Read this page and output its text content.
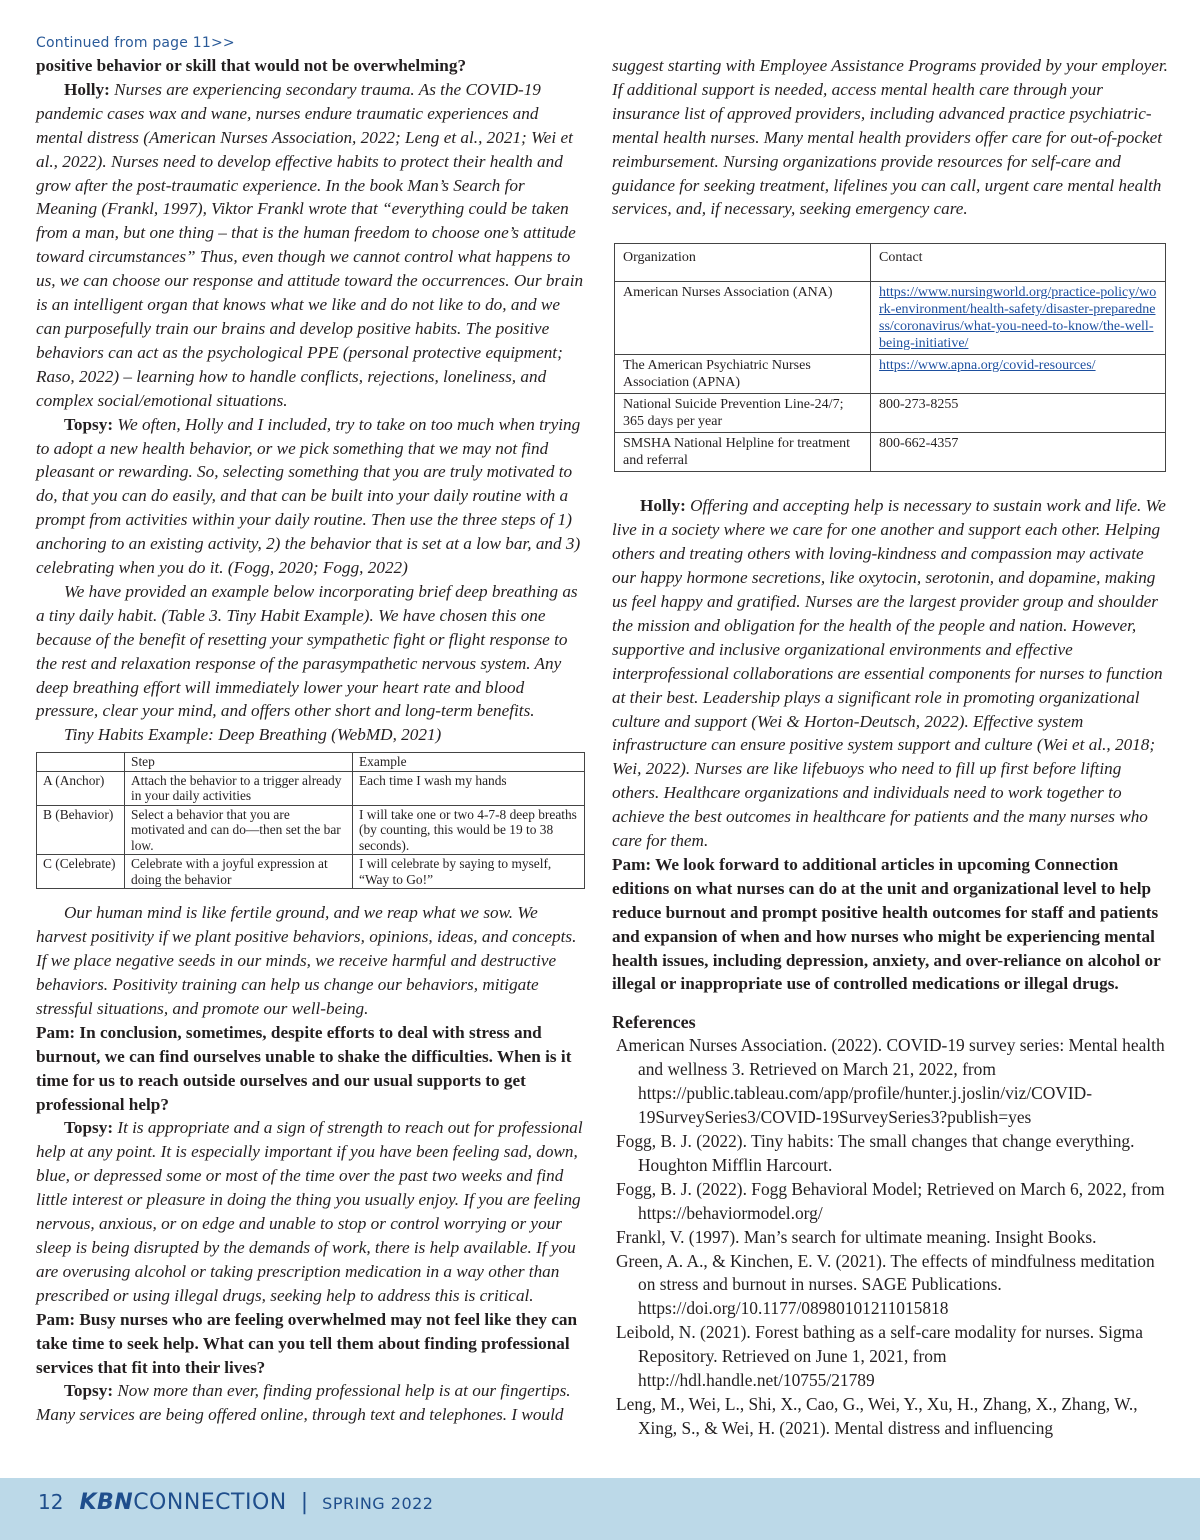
Continued from page 11>>

positive behavior or skill that would not be overwhelming?

Holly: Nurses are experiencing secondary trauma. As the COVID-19 pandemic cases wax and wane, nurses endure traumatic experiences and mental distress (American Nurses Association, 2022; Leng et al., 2021; Wei et al., 2022). Nurses need to develop effective habits to protect their health and grow after the post-traumatic experience. In the book Man’s Search for Meaning (Frankl, 1997), Viktor Frankl wrote that “everything could be taken from a man, but one thing – that is the human freedom to choose one’s attitude toward circumstances” Thus, even though we cannot control what happens to us, we can choose our response and attitude toward the occurrences. Our brain is an intelligent organ that knows what we like and do not like to do, and we can purposefully train our brains and develop positive habits. The positive behaviors can act as the psychological PPE (personal protective equipment; Raso, 2022) – learning how to handle conflicts, rejections, loneliness, and complex social/emotional situations.

Topsy: We often, Holly and I included, try to take on too much when trying to adopt a new health behavior, or we pick something that we may not find pleasant or rewarding. So, selecting something that you are truly motivated to do, that you can do easily, and that can be built into your daily routine with a prompt from activities within your daily routine. Then use the three steps of 1) anchoring to an existing activity, 2) the behavior that is set at a low bar, and 3) celebrating when you do it. (Fogg, 2020; Fogg, 2022)

We have provided an example below incorporating brief deep breathing as a tiny daily habit. (Table 3. Tiny Habit Example). We have chosen this one because of the benefit of resetting your sympathetic fight or flight response to the rest and relaxation response of the parasympathetic nervous system. Any deep breathing effort will immediately lower your heart rate and blood pressure, clear your mind, and offers other short and long-term benefits.

Tiny Habits Example: Deep Breathing (WebMD, 2021)

	Step	Example
A (Anchor)	Attach the behavior to a trigger already in your daily activities	Each time I wash my hands
B (Behavior)	Select a behavior that you are motivated and can do—then set the bar low.	I will take one or two 4-7-8 deep breaths (by counting, this would be 19 to 38 seconds).
C (Celebrate)	Celebrate with a joyful expression at doing the behavior	I will celebrate by saying to myself, “Way to Go!”

Our human mind is like fertile ground, and we reap what we sow. We harvest positivity if we plant positive behaviors, opinions, ideas, and concepts. If we place negative seeds in our minds, we receive harmful and destructive behaviors. Positivity training can help us change our behaviors, mitigate stressful situations, and promote our well-being.

Pam: In conclusion, sometimes, despite efforts to deal with stress and burnout, we can find ourselves unable to shake the difficulties. When is it time for us to reach outside ourselves and our usual supports to get professional help?

Topsy: It is appropriate and a sign of strength to reach out for professional help at any point. It is especially important if you have been feeling sad, down, blue, or depressed some or most of the time over the past two weeks and find little interest or pleasure in doing the thing you usually enjoy. If you are feeling nervous, anxious, or on edge and unable to stop or control worrying or your sleep is being disrupted by the demands of work, there is help available. If you are overusing alcohol or taking prescription medication in a way other than prescribed or using illegal drugs, seeking help to address this is critical.

Pam: Busy nurses who are feeling overwhelmed may not feel like they can take time to seek help. What can you tell them about finding professional services that fit into their lives?

Topsy: Now more than ever, finding professional help is at our fingertips. Many services are being offered online, through text and telephones. I would

suggest starting with Employee Assistance Programs provided by your employer. If additional support is needed, access mental health care through your insurance list of approved providers, including advanced practice psychiatric-mental health nurses. Many mental health providers offer care for out-of-pocket reimbursement. Nursing organizations provide resources for self-care and guidance for seeking treatment, lifelines you can call, urgent care mental health services, and, if necessary, seeking emergency care.

Organization	Contact
American Nurses Association (ANA)	https://www.nursingworld.org/practice-policy/work-environment/health-safety/disaster-preparedness/coronavirus/what-you-need-to-know/the-well-being-initiative/
The American Psychiatric Nurses Association (APNA)	https://www.apna.org/covid-resources/
National Suicide Prevention Line-24/7; 365 days per year	800-273-8255
SMSHA National Helpline for treatment and referral	800-662-4357

Holly: Offering and accepting help is necessary to sustain work and life. We live in a society where we care for one another and support each other. Helping others and treating others with loving-kindness and compassion may activate our happy hormone secretions, like oxytocin, serotonin, and dopamine, making us feel happy and gratified. Nurses are the largest provider group and shoulder the mission and obligation for the health of the people and nation. However, supportive and inclusive organizational environments and effective interprofessional collaborations are essential components for nurses to function at their best. Leadership plays a significant role in promoting organizational culture and support (Wei & Horton-Deutsch, 2022). Effective system infrastructure can ensure positive system support and culture (Wei et al., 2018; Wei, 2022). Nurses are like lifebuoys who need to fill up first before lifting others. Healthcare organizations and individuals need to work together to achieve the best outcomes in healthcare for patients and the many nurses who care for them.

Pam: We look forward to additional articles in upcoming Connection editions on what nurses can do at the unit and organizational level to help reduce burnout and prompt positive health outcomes for staff and patients and expansion of when and how nurses who might be experiencing mental health issues, including depression, anxiety, and over-reliance on alcohol or illegal or inappropriate use of controlled medications or illegal drugs.

References

American Nurses Association. (2022). COVID-19 survey series: Mental health and wellness 3. Retrieved on March 21, 2022, from https://public.tableau.com/app/profile/hunter.j.joslin/viz/COVID-19SurveySeries3/COVID-19SurveySeries3?publish=yes

Fogg, B. J. (2022). Tiny habits: The small changes that change everything. Houghton Mifflin Harcourt.

Fogg, B. J. (2022). Fogg Behavioral Model; Retrieved on March 6, 2022, from https://behaviormodel.org/

Frankl, V. (1997). Man’s search for ultimate meaning. Insight Books.

Green, A. A., & Kinchen, E. V. (2021). The effects of mindfulness meditation on stress and burnout in nurses. SAGE Publications. https://doi.org/10.1177/08980101211015818

Leibold, N. (2021). Forest bathing as a self-care modality for nurses. Sigma Repository. Retrieved on June 1, 2021, from http://hdl.handle.net/10755/21789

Leng, M., Wei, L., Shi, X., Cao, G., Wei, Y., Xu, H., Zhang, X., Zhang, W., Xing, S., & Wei, H. (2021). Mental distress and influencing

12 KBN CONNECTION | SPRING 2022
